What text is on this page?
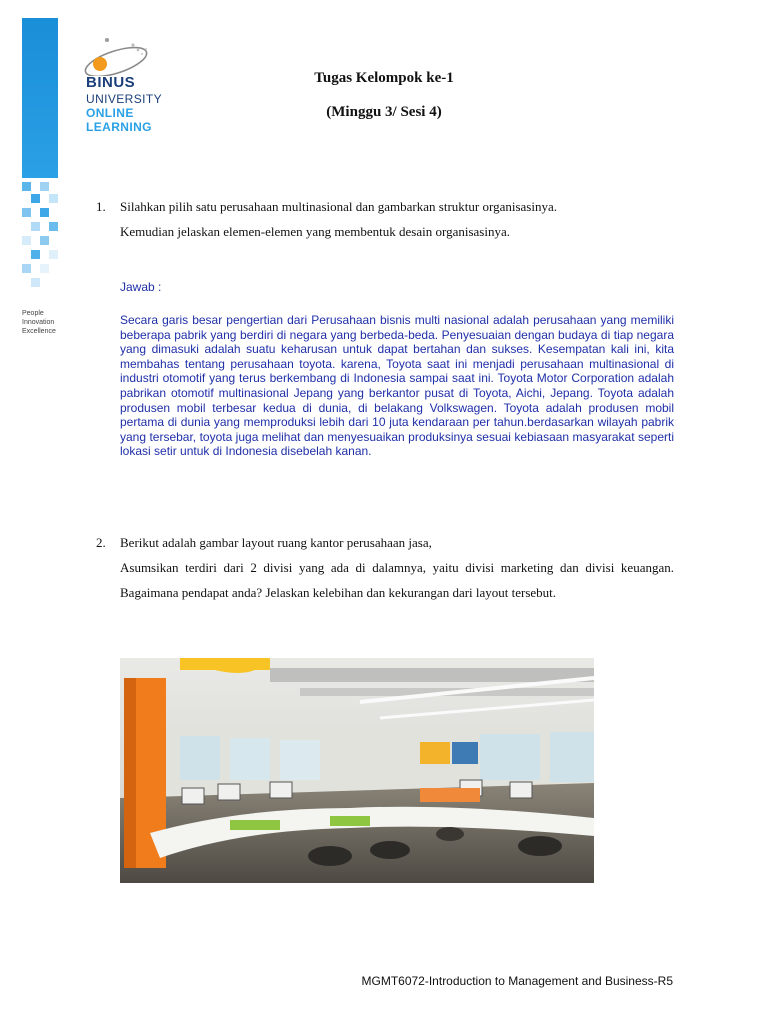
People
Innovation
Excellence
BINUS
UNIVERSITY
ONLINE
LEARNING
Tugas Kelompok ke-1
(Minggu 3/ Sesi 4)
1. Silahkan pilih satu perusahaan multinasional dan gambarkan struktur organisasinya.
Kemudian jelaskan elemen-elemen yang membentuk desain organisasinya.
Jawab :
Secara garis besar pengertian dari Perusahaan bisnis multi nasional adalah perusahaan yang memiliki beberapa pabrik yang berdiri di negara yang berbeda-beda. Penyesuaian dengan budaya di tiap negara yang dimasuki adalah suatu keharusan untuk dapat bertahan dan sukses. Kesempatan kali ini, kita membahas tentang perusahaan toyota. karena, Toyota saat ini menjadi perusahaan multinasional di industri otomotif yang terus berkembang di Indonesia sampai saat ini. Toyota Motor Corporation adalah pabrikan otomotif multinasional Jepang yang berkantor pusat di Toyota, Aichi, Jepang. Toyota adalah produsen mobil terbesar kedua di dunia, di belakang Volkswagen. Toyota adalah produsen mobil pertama di dunia yang memproduksi lebih dari 10 juta kendaraan per tahun.berdasarkan wilayah pabrik yang tersebar, toyota juga melihat dan menyesuaikan produksinya sesuai kebiasaan masyarakat seperti lokasi setir untuk di Indonesia disebelah kanan.
2. Berikut adalah gambar layout ruang kantor perusahaan jasa,
Asumsikan terdiri dari 2 divisi yang ada di dalamnya, yaitu divisi marketing dan divisi keuangan. Bagaimana pendapat anda? Jelaskan kelebihan dan kekurangan dari layout tersebut.
MGMT6072-Introduction to Management and Business-R5
